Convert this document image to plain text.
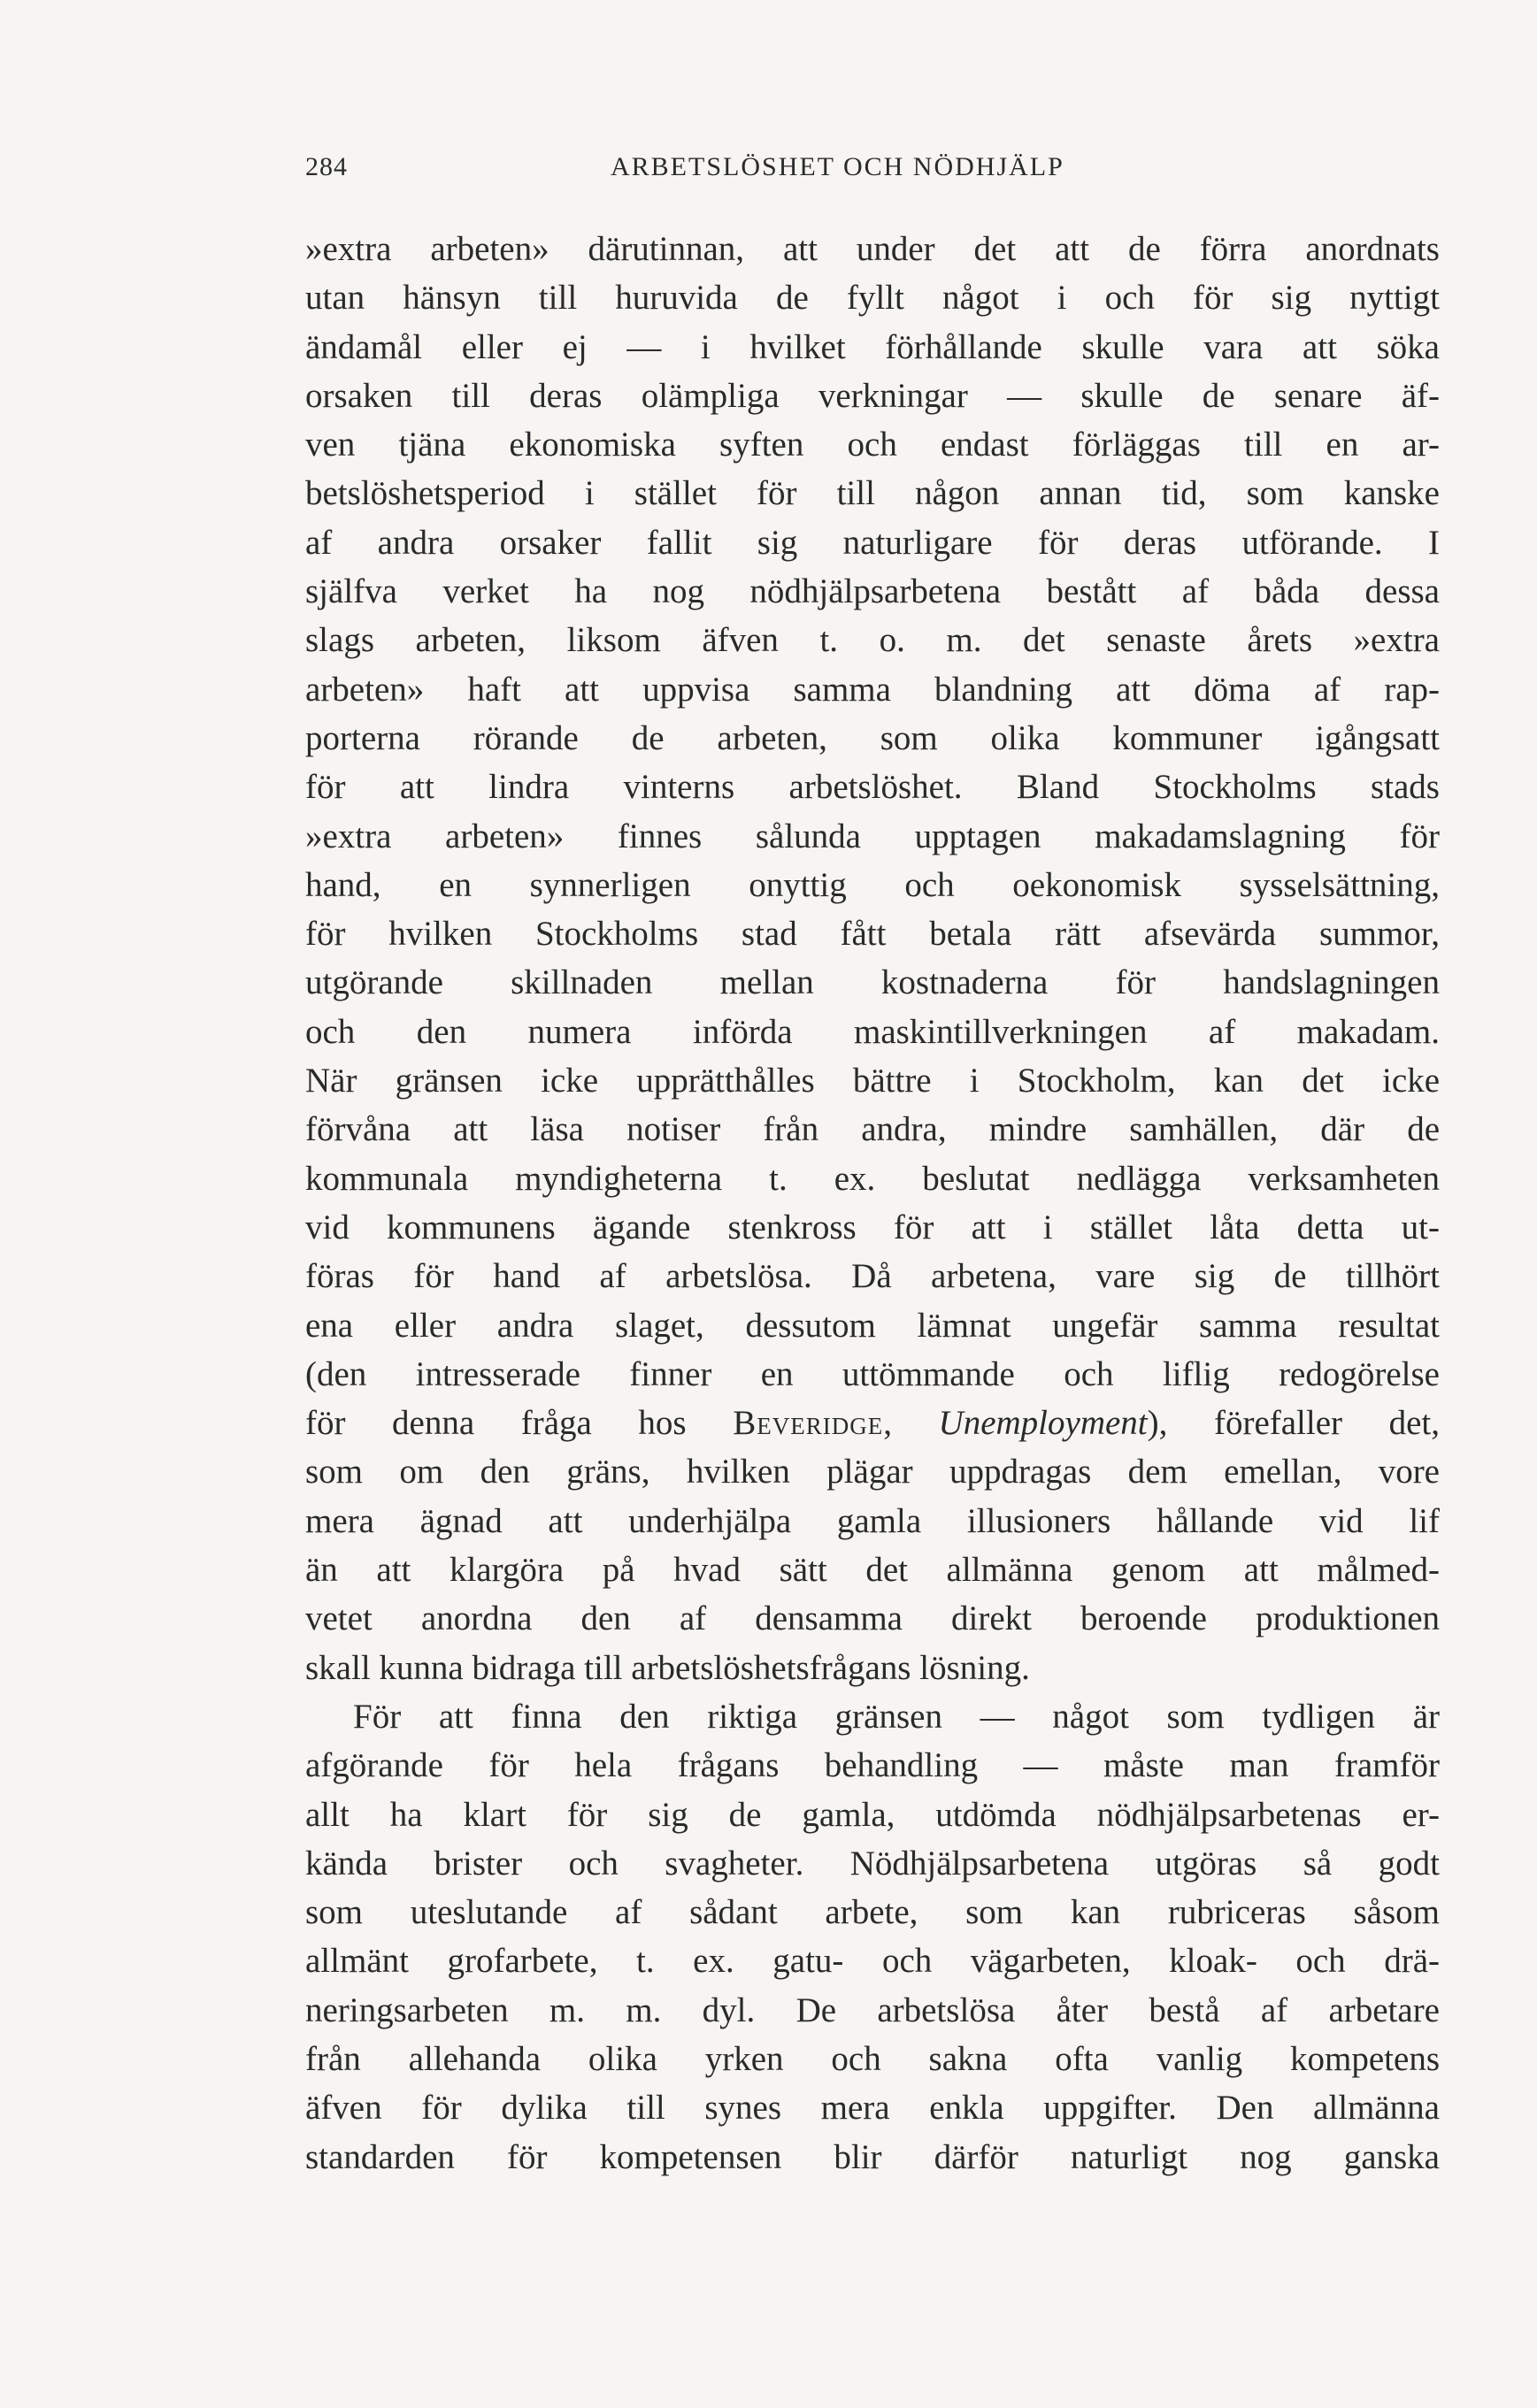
284	ARBETSLÖSHET OCH NÖDHJÄLP
»extra arbeten» därutinnan, att under det att de förra anordnats
utan hänsyn till huruvida de fyllt något i och för sig nyttigt
ändamål eller ej — i hvilket förhållande skulle vara att söka
orsaken till deras olämpliga verkningar — skulle de senare äf-
ven tjäna ekonomiska syften och endast förläggas till en ar-
betslöshetsperiod i stället för till någon annan tid, som kanske
af andra orsaker fallit sig naturligare för deras utförande. I
själfva verket ha nog nödhjälpsarbetena bestått af båda dessa
slags arbeten, liksom äfven t. o. m. det senaste årets »extra
arbeten» haft att uppvisa samma blandning att döma af rap-
porterna rörande de arbeten, som olika kommuner igångsatt
för att lindra vinterns arbetslöshet. Bland Stockholms stads
»extra arbeten» finnes sålunda upptagen makadamslagning för
hand, en synnerligen onyttig och oekonomisk sysselsättning,
för hvilken Stockholms stad fått betala rätt afsevärda summor,
utgörande skillnaden mellan kostnaderna för handslagningen
och den numera införda maskintillverkningen af makadam.
När gränsen icke upprätthålles bättre i Stockholm, kan det icke
förvåna att läsa notiser från andra, mindre samhällen, där de
kommunala myndigheterna t. ex. beslutat nedlägga verksamheten
vid kommunens ägande stenkross för att i stället låta detta ut-
föras för hand af arbetslösa. Då arbetena, vare sig de tillhört
ena eller andra slaget, dessutom lämnat ungefär samma resultat
(den intresserade finner en uttömmande och liflig redogörelse
för denna fråga hos Beveridge, Unemployment), förefaller det,
som om den gräns, hvilken plägar uppdragas dem emellan, vore
mera ägnad att underhjälpa gamla illusioners hållande vid lif
än att klargöra på hvad sätt det allmänna genom att målmed-
vetet anordna den af densamma direkt beroende produktionen
skall kunna bidraga till arbetslöshetsfrågans lösning.
För att finna den riktiga gränsen — något som tydligen är
afgörande för hela frågans behandling — måste man framför
allt ha klart för sig de gamla, utdömda nödhjälpsarbetenas er-
kända brister och svagheter. Nödhjälpsarbetena utgöras så godt
som uteslutande af sådant arbete, som kan rubriceras såsom
allmänt grofarbete, t. ex. gatu- och vägarbeten, kloak- och drä-
neringsarbeten m. m. dyl. De arbetslösa åter bestå af arbetare
från allehanda olika yrken och sakna ofta vanlig kompetens
äfven för dylika till synes mera enkla uppgifter. Den allmänna
standarden för kompetensen blir därför naturligt nog ganska
